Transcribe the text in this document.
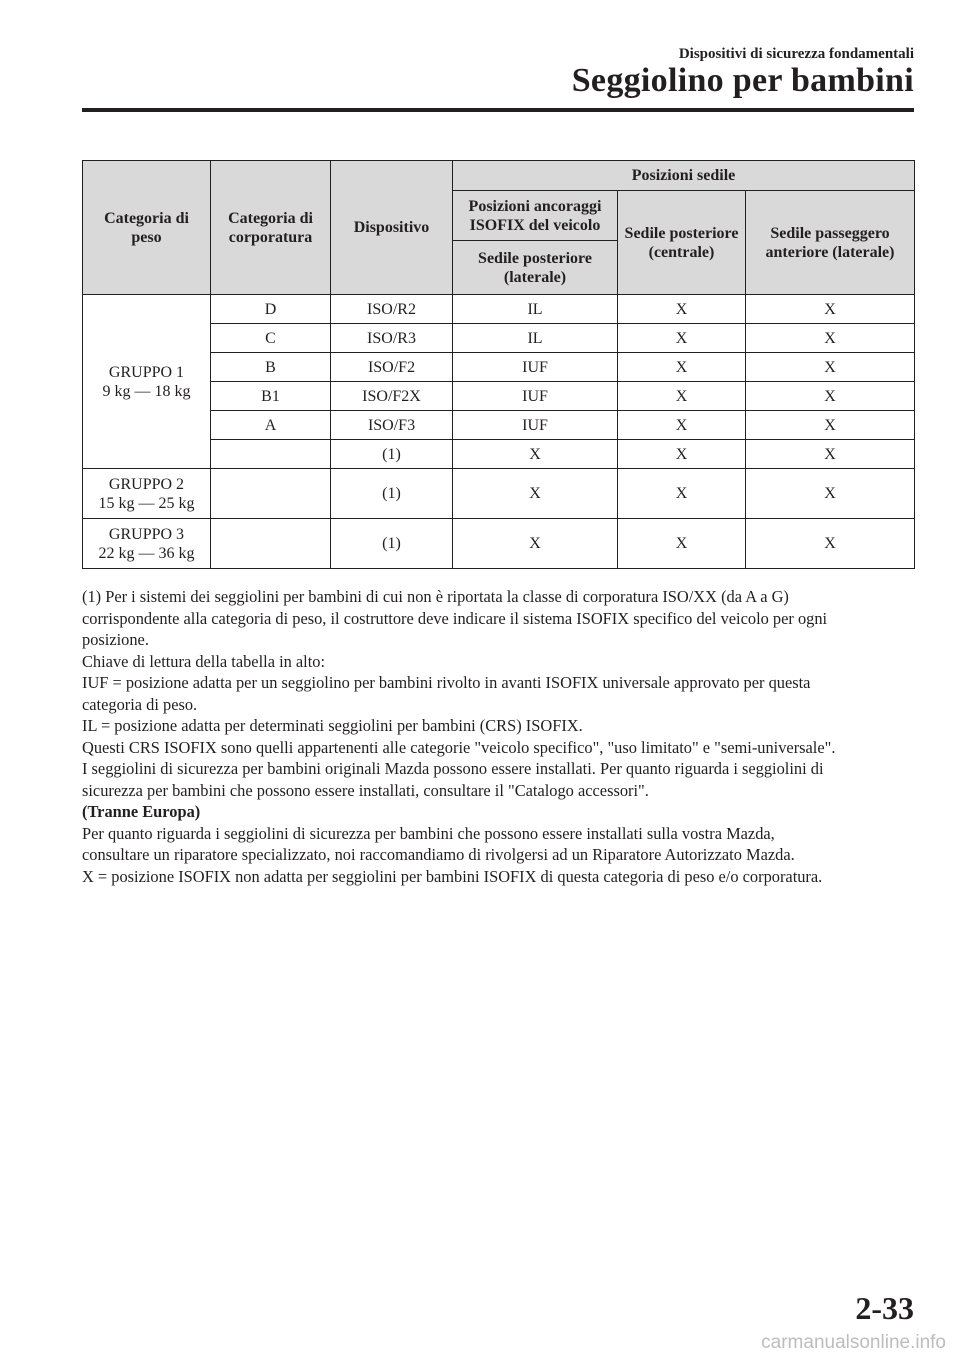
Dispositivi di sicurezza fondamentali
Seggiolino per bambini
Categoria di peso	Categoria di corporatura	Dispositivo	Posizioni sedile		
			Posizioni ancoraggi ISOFIX del veicolo	Sedile posteriore (centrale)	Sedile passeggero anteriore (laterale)
			Sedile posteriore (laterale)		

GRUPPO 1
9 kg ― 18 kg	D	ISO/R2	IL	X	X
	C	ISO/R3	IL	X	X
	B	ISO/F2	IUF	X	X
	B1	ISO/F2X	IUF	X	X
	A	ISO/F3	IUF	X	X
		(1)	X	X	X

GRUPPO 2
15 kg ― 25 kg		(1)	X	X	X

GRUPPO 3
22 kg ― 36 kg		(1)	X	X	X

(1) Per i sistemi dei seggiolini per bambini di cui non è riportata la classe di corporatura ISO/XX (da A a G)

corrispondente alla categoria di peso, il costruttore deve indicare il sistema ISOFIX specifico del veicolo per ogni

posizione.

Chiave di lettura della tabella in alto:

IUF = posizione adatta per un seggiolino per bambini rivolto in avanti ISOFIX universale approvato per questa

categoria di peso.

IL = posizione adatta per determinati seggiolini per bambini (CRS) ISOFIX.

Questi CRS ISOFIX sono quelli appartenenti alle categorie "veicolo specifico", "uso limitato" e "semi-universale".

I seggiolini di sicurezza per bambini originali Mazda possono essere installati. Per quanto riguarda i seggiolini di

sicurezza per bambini che possono essere installati, consultare il "Catalogo accessori".

(Tranne Europa)

Per quanto riguarda i seggiolini di sicurezza per bambini che possono essere installati sulla vostra Mazda,

consultare un riparatore specializzato, noi raccomandiamo di rivolgersi ad un Riparatore Autorizzato Mazda.

X = posizione ISOFIX non adatta per seggiolini per bambini ISOFIX di questa categoria di peso e/o corporatura.

2-33
carmanualsonline.info
